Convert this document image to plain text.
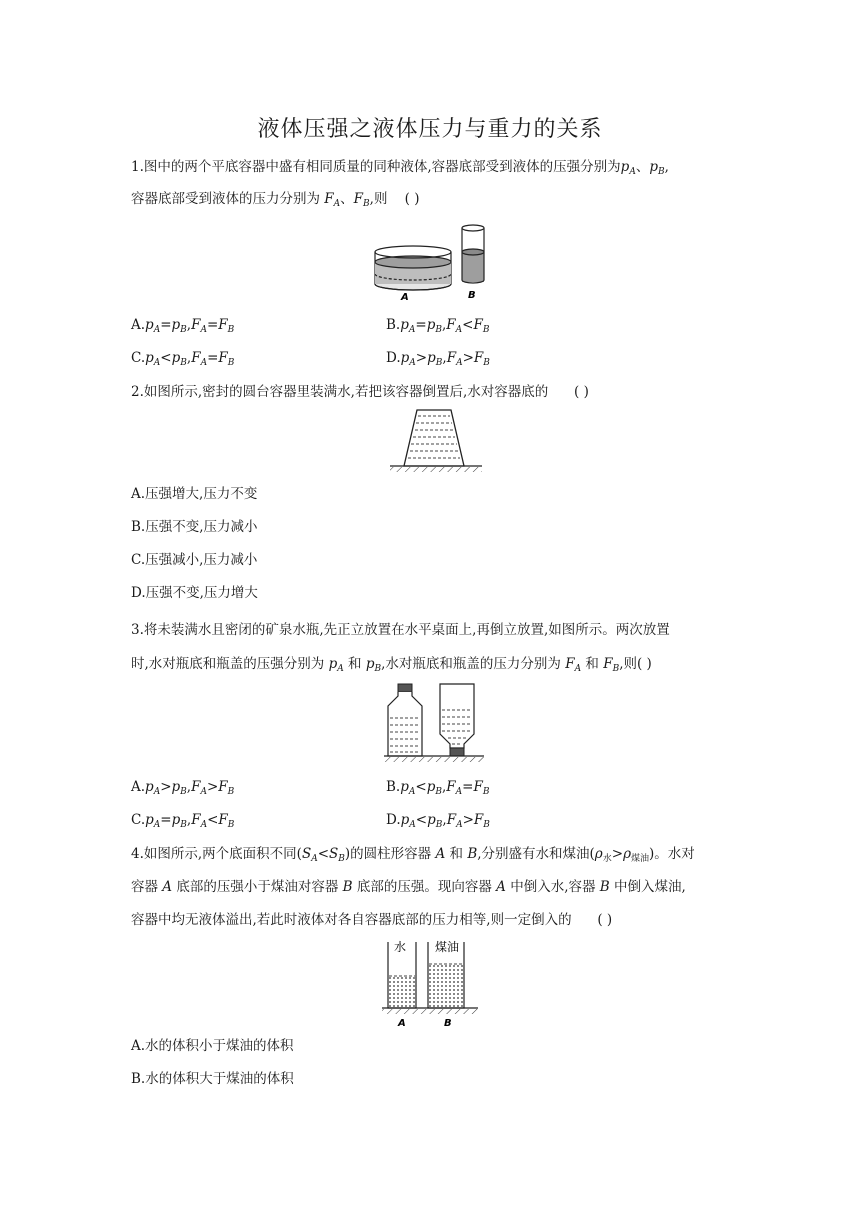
液体压强之液体压力与重力的关系
1.图中的两个平底容器中盛有相同质量的同种液体,容器底部受到液体的压强分别为$p_A$、$p_B$,
容器底部受到液体的压力分别为 $F_A$、$F_B$,则 ( )
A	B
$A.p_A=p_B,F_A=F_B$	$B.p_A=p_B,F_A<F_B$
$C.p_A<p_B,F_A=F_B$	$D.p_A>p_B,F_A>F_B$
2.如图所示,密封的圆台容器里装满水,若把该容器倒置后,水对容器底的 ( )
A.压强增大,压力不变
B.压强不变,压力减小
C.压强减小,压力减小
D.压强不变,压力增大
3.将未装满水且密闭的矿泉水瓶,先正立放置在水平桌面上,再倒立放置,如图所示。两次放置
时,水对瓶底和瓶盖的压强分别为 $p_A$ 和 $p_B$,水对瓶底和瓶盖的压力分别为 $F_A$ 和 $F_B$,则( )
$A.p_A>p_B,F_A>F_B$	$B.p_A<p_B,F_A=F_B$
$C.p_A=p_B,F_A<F_B$	$D.p_A<p_B,F_A>F_B$
4.如图所示,两个底面积不同$(S_A<S_B)$的圆柱形容器 A 和 B,分别盛有水和煤油$(\rho_水>\rho_{煤油})$。水对
容器 A 底部的压强小于煤油对容器 B 底部的压强。现向容器 A 中倒入水,容器 B 中倒入煤油,
容器中均无液体溢出,若此时液体对各自容器底部的压力相等,则一定倒入的 ( )
水 煤油
A	B
A.水的体积小于煤油的体积
B.水的体积大于煤油的体积
